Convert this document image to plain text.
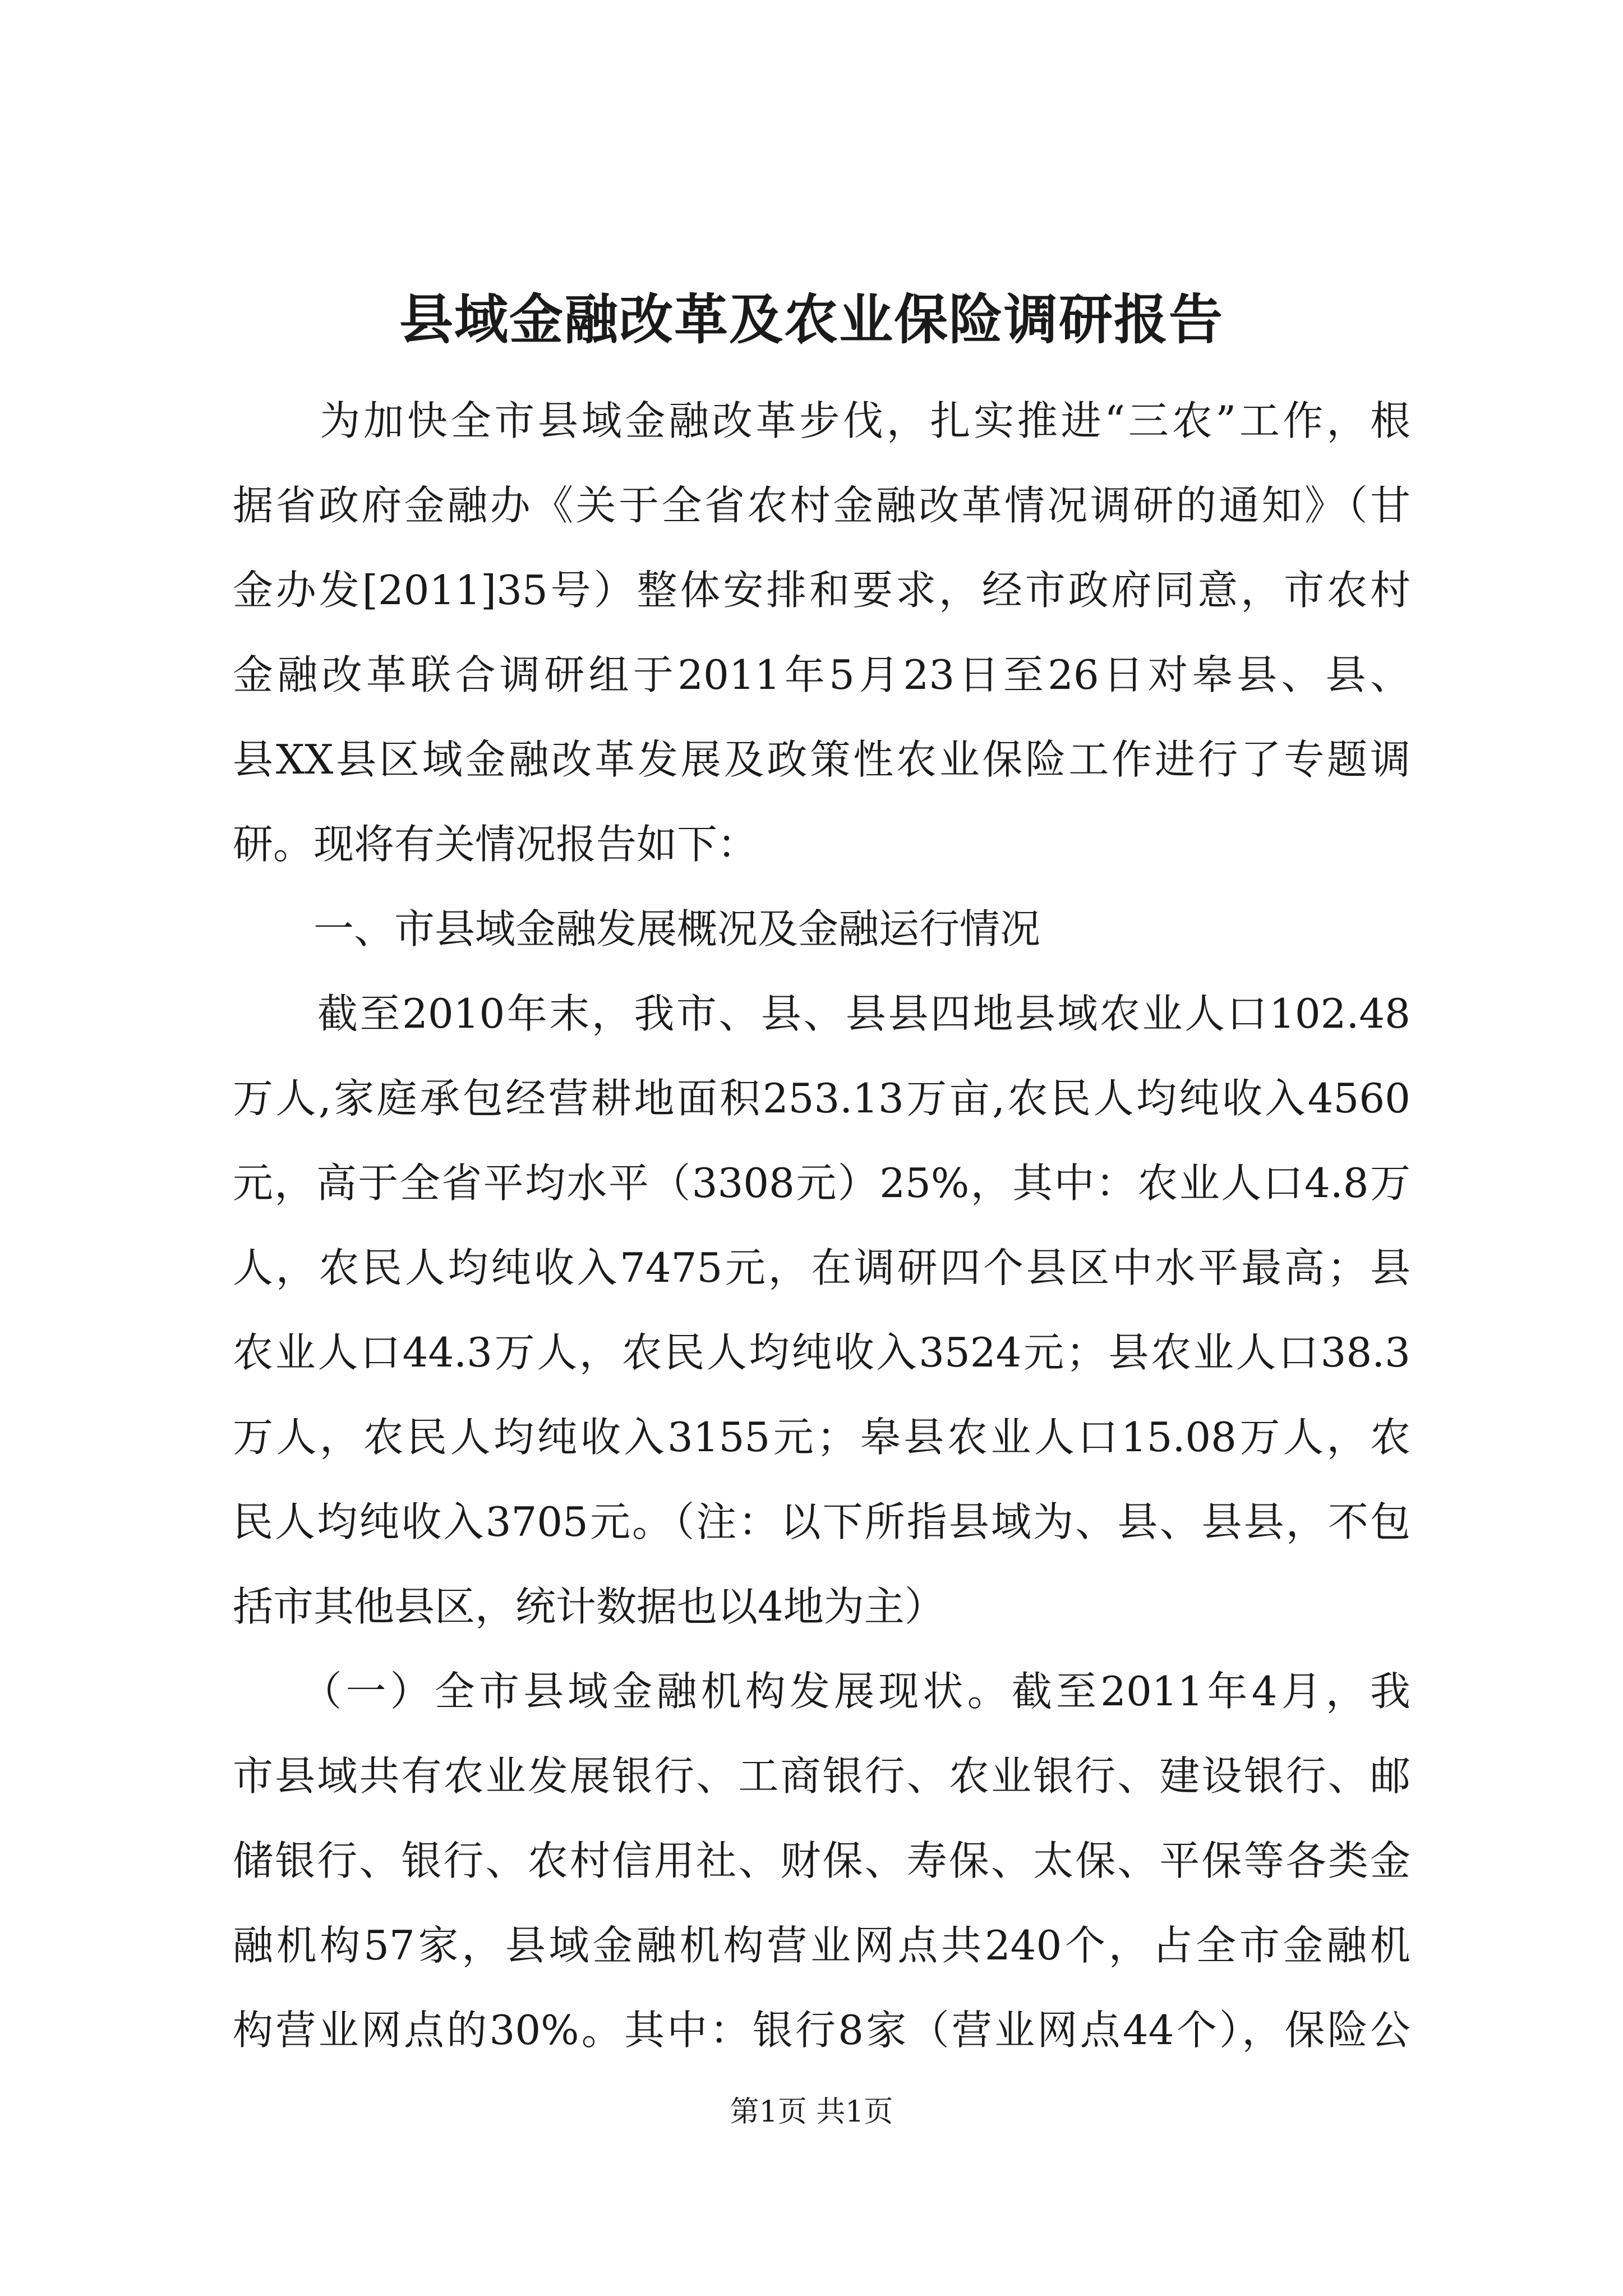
县域金融改革及农业保险调研报告
　　为加快全市县域金融改革步伐，扎实推进“三农”工作，根
据省政府金融办《关于全省农村金融改革情况调研的通知》（甘
金办发[2011]35号）整体安排和要求，经市政府同意，市农村
金融改革联合调研组于2011年5月23日至26日对皋县、县、
县XX县区域金融改革发展及政策性农业保险工作进行了专题调
研。现将有关情况报告如下：
　　一、市县域金融发展概况及金融运行情况
　　截至2010年末，我市、县、县县四地县域农业人口102.48
万人,家庭承包经营耕地面积253.13万亩,农民人均纯收入4560
元，高于全省平均水平（3308元）25%，其中：农业人口4.8万
人，农民人均纯收入7475元，在调研四个县区中水平最高；县
农业人口44.3万人，农民人均纯收入3524元；县农业人口38.3
万人，农民人均纯收入3155元；皋县农业人口15.08万人，农
民人均纯收入3705元。（注：以下所指县域为、县、县县，不包
括市其他县区，统计数据也以4地为主）
　　（一）全市县域金融机构发展现状。截至2011年4月，我
市县域共有农业发展银行、工商银行、农业银行、建设银行、邮
储银行、银行、农村信用社、财保、寿保、太保、平保等各类金
融机构57家，县域金融机构营业网点共240个，占全市金融机
构营业网点的30%。其中：银行8家（营业网点44个），保险公
第1页 共1页
